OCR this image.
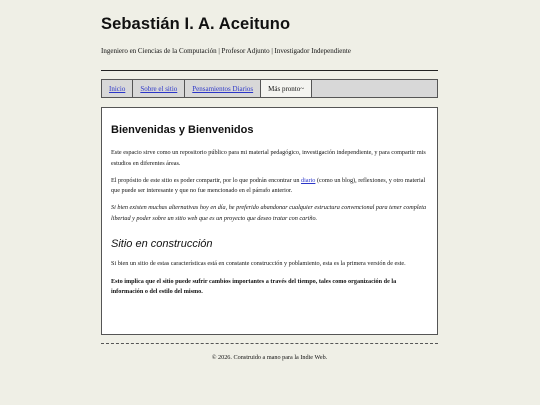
Sebastián I. A. Aceituno
Ingeniero en Ciencias de la Computación | Profesor Adjunto | Investigador Independiente
Inicio Sobre el sitio Pensamientos Diarios	Más pronto~
Bienvenidas y Bienvenidos

Este espacio sirve como un repositorio público para mi material pedagógico, investigación independiente, y para compartir mis estudios en diferentes áreas.

El propósito de este sitio es poder compartir, por lo que podrán encontrar un diario (como un blog), reflexiones, y otro material que puede ser interesante y que no fue mencionado en el párrafo anterior.

Si bien existen muchas alternativas hoy en día, he preferido abandonar cualquier estructura convencional para tener completa libertad y poder sobre un sitio web que es un proyecto que deseo tratar con cariño.

Sitio en construcción

Si bien un sitio de estas características está en constante construcción y poblamiento, esta es la primera versión de este.

Esto implica que el sitio puede sufrir cambios importantes a través del tiempo, tales como organización de la información o del estilo del mismo.

© 2026. Construido a mano para la Indie Web.
